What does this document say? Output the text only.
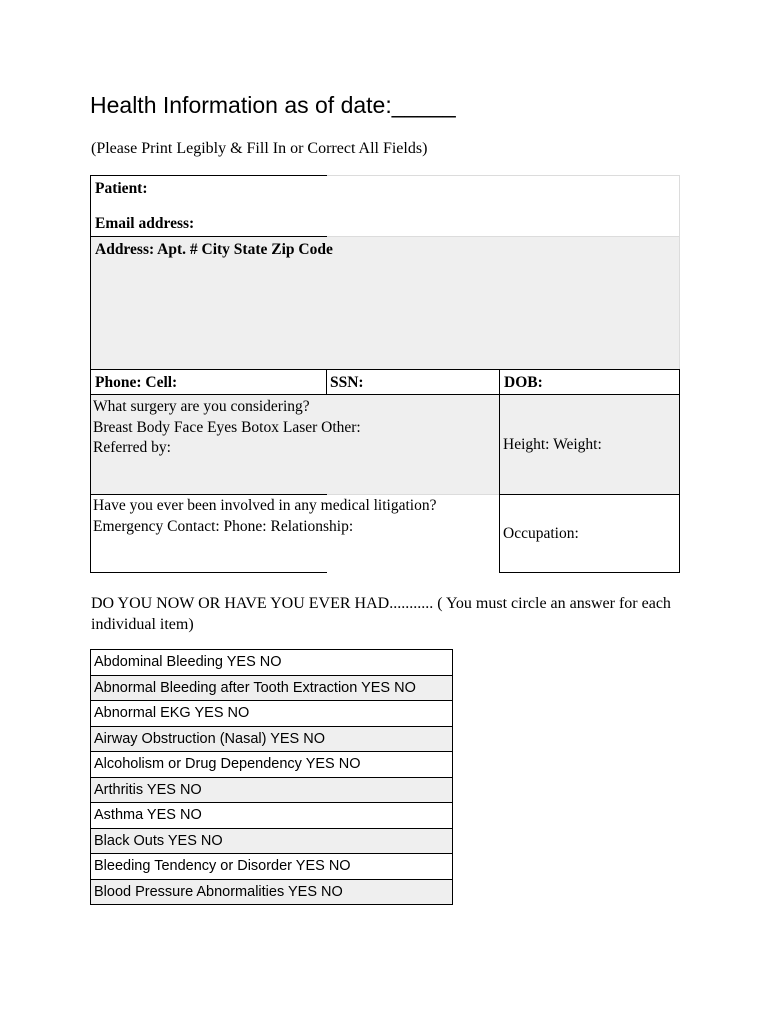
Health Information as of date:_____
(Please Print Legibly & Fill In or Correct All Fields)
Patient:
Email address:
Address: Apt. # City State Zip Code
Phone: Cell:	SSN:	DOB:
What surgery are you considering?
Breast Body Face Eyes Botox Laser Other:
Referred by:	Height: Weight:
Have you ever been involved in any medical litigation?
Emergency Contact: Phone: Relationship:	Occupation:
DO YOU NOW OR HAVE YOU EVER HAD........... ( You must circle an answer for each individual item)
Abdominal Bleeding YES NO
Abnormal Bleeding after Tooth Extraction YES NO
Abnormal EKG YES NO
Airway Obstruction (Nasal) YES NO
Alcoholism or Drug Dependency YES NO
Arthritis YES NO
Asthma YES NO
Black Outs YES NO
Bleeding Tendency or Disorder YES NO
Blood Pressure Abnormalities YES NO
